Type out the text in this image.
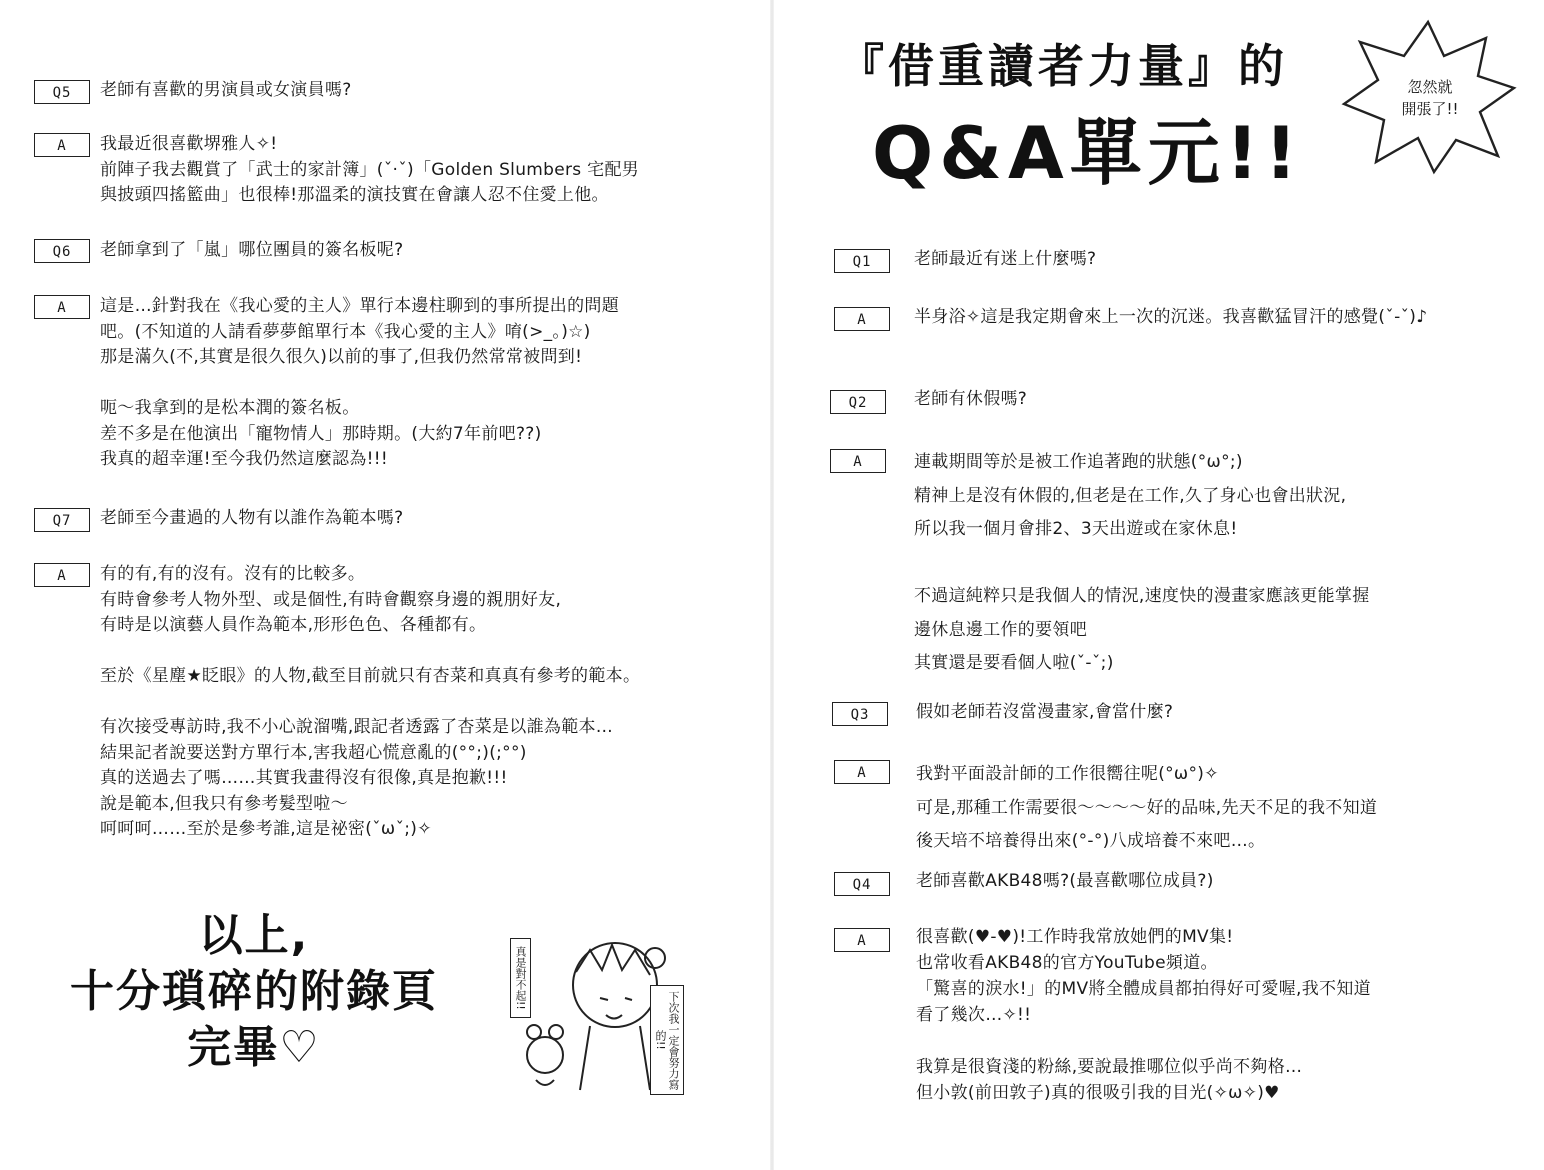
Q5	老師有喜歡的男演員或女演員嗎?
A	我最近很喜歡堺雅人✧!
前陣子我去觀賞了「武士的家計簿」(ˇ·ˇ)「Golden Slumbers 宅配男
與披頭四搖籃曲」也很棒!那溫柔的演技實在會讓人忍不住愛上他。
Q6	老師拿到了「嵐」哪位團員的簽名板呢?
A	這是…針對我在《我心愛的主人》單行本邊柱聊到的事所提出的問題
吧。(不知道的人請看夢夢館單行本《我心愛的主人》唷(>_。)☆)
那是滿久(不,其實是很久很久)以前的事了,但我仍然常常被問到!

呃～我拿到的是松本潤的簽名板。
差不多是在他演出「寵物情人」那時期。(大約7年前吧??)
我真的超幸運!至今我仍然這麼認為!!!
Q7	老師至今畫過的人物有以誰作為範本嗎?
A	有的有,有的沒有。沒有的比較多。
有時會參考人物外型、或是個性,有時會觀察身邊的親朋好友,
有時是以演藝人員作為範本,形形色色、各種都有。

至於《星塵★眨眼》的人物,截至目前就只有杏菜和真真有參考的範本。

有次接受專訪時,我不小心說溜嘴,跟記者透露了杏菜是以誰為範本…
結果記者說要送對方單行本,害我超心慌意亂的(°°;)(;°°)
真的送過去了嗎……其實我畫得沒有很像,真是抱歉!!!
說是範本,但我只有參考髮型啦～
呵呵呵……至於是參考誰,這是祕密(ˇωˇ;)✧
以上,
十分瑣碎的附錄頁
完畢♡
真是對不起!!
下次我一定會努力寫的!!
『借重讀者力量』的
Q&A單元!!
忽然就
開張了!!
Q1	老師最近有迷上什麼嗎?
A	半身浴✧這是我定期會來上一次的沉迷。我喜歡猛冒汗的感覺(ˇ-ˇ)♪
Q2	老師有休假嗎?
A	連載期間等於是被工作追著跑的狀態(°ω°;)
精神上是沒有休假的,但老是在工作,久了身心也會出狀況,
所以我一個月會排2、3天出遊或在家休息!

不過這純粹只是我個人的情況,速度快的漫畫家應該更能掌握
邊休息邊工作的要領吧
其實還是要看個人啦(ˇ-ˇ;)
Q3	假如老師若沒當漫畫家,會當什麼?
A	我對平面設計師的工作很嚮往呢(°ω°)✧
可是,那種工作需要很～～～～好的品味,先天不足的我不知道
後天培不培養得出來(°-°)八成培養不來吧…。
Q4	老師喜歡AKB48嗎?(最喜歡哪位成員?)
A	很喜歡(♥-♥)!工作時我常放她們的MV集!
也常收看AKB48的官方YouTube頻道。
「驚喜的淚水!」的MV將全體成員都拍得好可愛喔,我不知道
看了幾次…✧!!

我算是很資淺的粉絲,要說最推哪位似乎尚不夠格…
但小敦(前田敦子)真的很吸引我的目光(✧ω✧)♥
